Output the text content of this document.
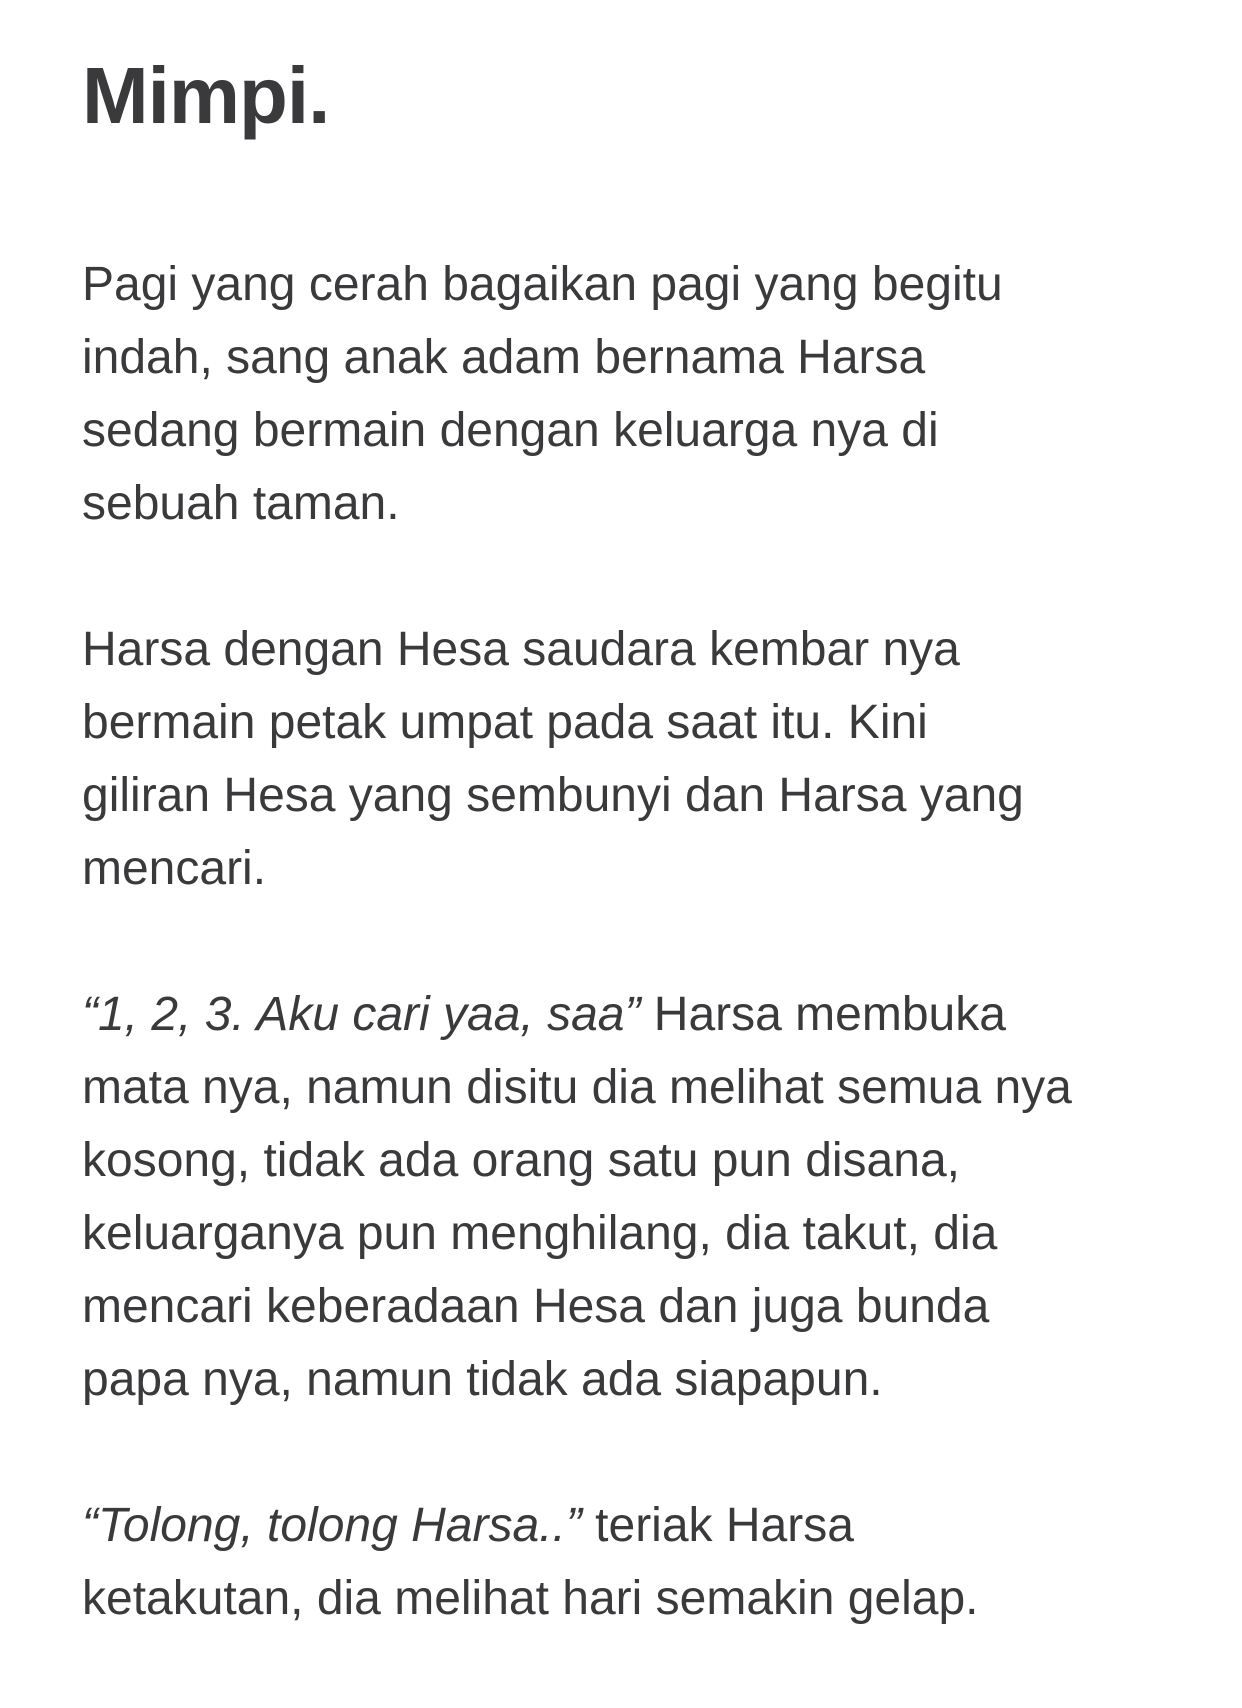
Mimpi.

Pagi yang cerah bagaikan pagi yang begitu
indah, sang anak adam bernama Harsa
sedang bermain dengan keluarga nya di
sebuah taman.

Harsa dengan Hesa saudara kembar nya
bermain petak umpat pada saat itu. Kini
giliran Hesa yang sembunyi dan Harsa yang
mencari.

“1, 2, 3. Aku cari yaa, saa” Harsa membuka
mata nya, namun disitu dia melihat semua nya
kosong, tidak ada orang satu pun disana,
keluarganya pun menghilang, dia takut, dia
mencari keberadaan Hesa dan juga bunda
papa nya, namun tidak ada siapapun.

“Tolong, tolong Harsa..” teriak Harsa
ketakutan, dia melihat hari semakin gelap.
